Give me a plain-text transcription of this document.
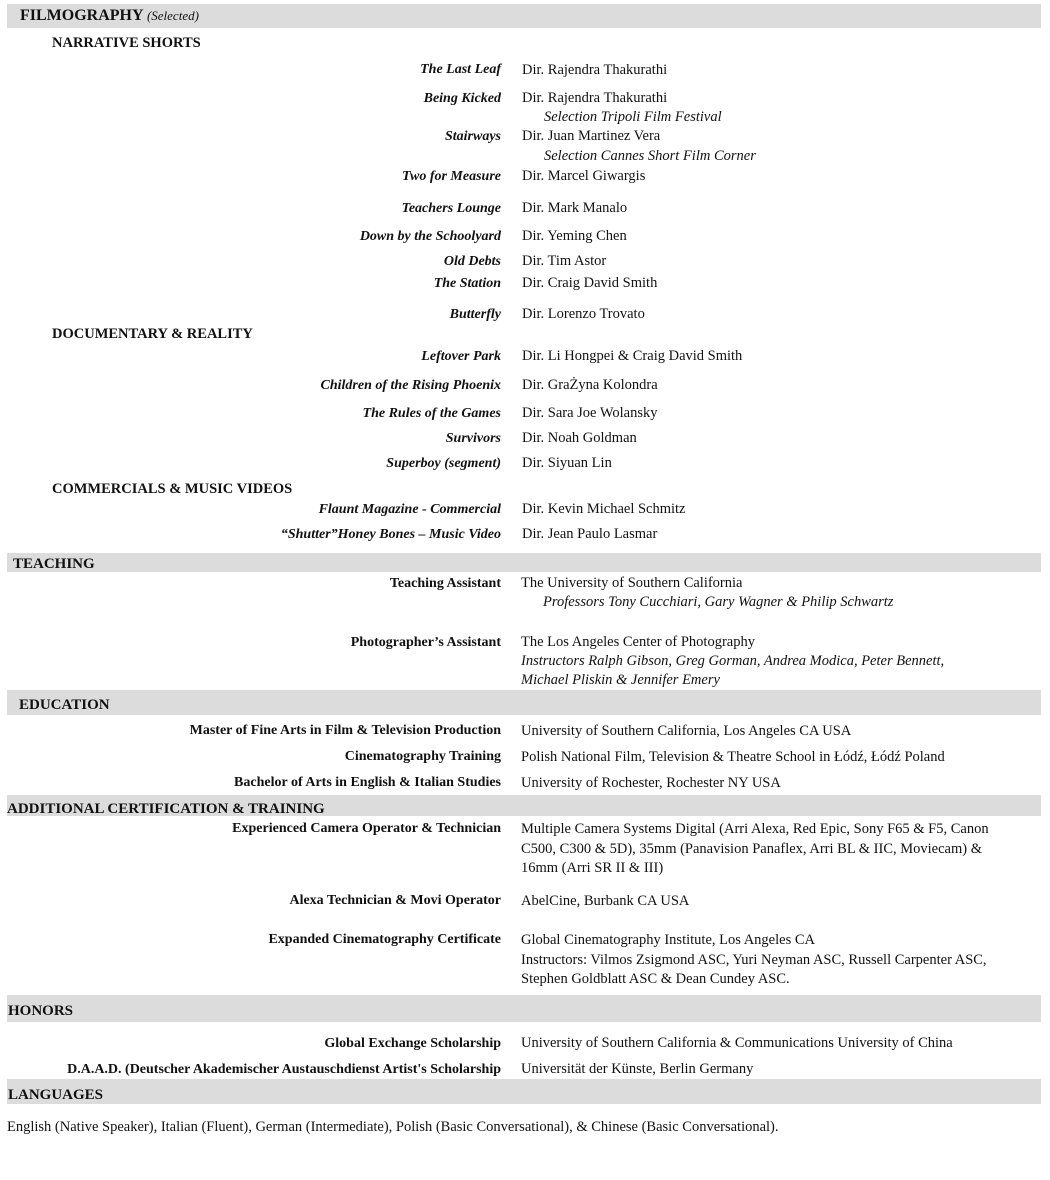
FILMOGRAPHY (Selected)
NARRATIVE SHORTS
The Last Leaf Dir. Rajendra Thakurathi
Being Kicked Dir. Rajendra Thakurathi
Selection Tripoli Film Festival
Stairways Dir. Juan Martinez Vera
Selection Cannes Short Film Corner
Two for Measure Dir. Marcel Giwargis
Teachers Lounge Dir. Mark Manalo
Down by the Schoolyard Dir. Yeming Chen
Old Debts Dir. Tim Astor
The Station Dir. Craig David Smith
Butterfly Dir. Lorenzo Trovato
DOCUMENTARY & REALITY
Leftover Park Dir. Li Hongpei & Craig David Smith
Children of the Rising Phoenix Dir. GraŻyna Kolondra
The Rules of the Games Dir. Sara Joe Wolansky
Survivors Dir. Noah Goldman
Superboy (segment) Dir. Siyuan Lin
COMMERCIALS & MUSIC VIDEOS
Flaunt Magazine - Commercial Dir. Kevin Michael Schmitz
“Shutter”Honey Bones – Music Video Dir. Jean Paulo Lasmar
TEACHING
Teaching Assistant The University of Southern California
Professors Tony Cucchiari, Gary Wagner & Philip Schwartz
Photographer’s Assistant The Los Angeles Center of Photography
Instructors Ralph Gibson, Greg Gorman, Andrea Modica, Peter Bennett, Michael Pliskin & Jennifer Emery
EDUCATION
Master of Fine Arts in Film & Television Production University of Southern California, Los Angeles CA USA
Cinematography Training Polish National Film, Television & Theatre School in Łódź, Łódź Poland
Bachelor of Arts in English & Italian Studies University of Rochester, Rochester NY USA
ADDITIONAL CERTIFICATION & TRAINING
Experienced Camera Operator & Technician Multiple Camera Systems Digital (Arri Alexa, Red Epic, Sony F65 & F5, Canon C500, C300 & 5D), 35mm (Panavision Panaflex, Arri BL & IIC, Moviecam) & 16mm (Arri SR II & III)
Alexa Technician & Movi Operator AbelCine, Burbank CA USA
Expanded Cinematography Certificate Global Cinematography Institute, Los Angeles CA
Instructors: Vilmos Zsigmond ASC, Yuri Neyman ASC, Russell Carpenter ASC, Stephen Goldblatt ASC & Dean Cundey ASC.
HONORS
Global Exchange Scholarship University of Southern California & Communications University of China
D.A.A.D. (Deutscher Akademischer Austauschdienst Artist's Scholarship Universität der Künste, Berlin Germany
LANGUAGES
English (Native Speaker), Italian (Fluent), German (Intermediate), Polish (Basic Conversational), & Chinese (Basic Conversational).
